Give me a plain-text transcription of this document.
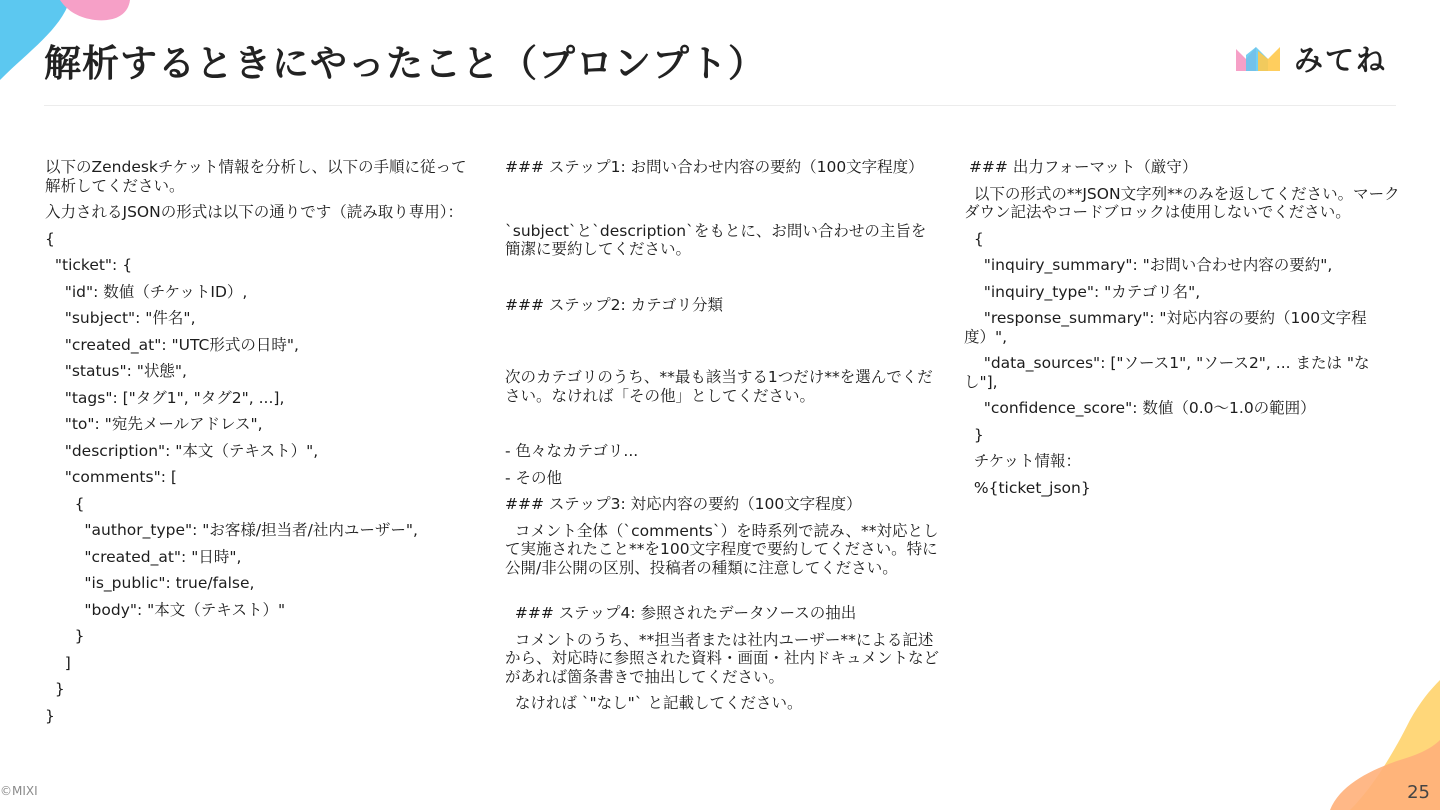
解析するときにやったこと（プロンプト）	みてね
以下のZendeskチケット情報を分析し、以下の手順に従って解析してください。
入力されるJSONの形式は以下の通りです（読み取り専用）：
{
"ticket": {
"id": 数値（チケットID）,
"subject": "件名",
"created_at": "UTC形式の日時",
"status": "状態",
"tags": ["タグ1", "タグ2", ...],
"to": "宛先メールアドレス",
"description": "本文（テキスト）",
"comments": [
{
"author_type": "お客様/担当者/社内ユーザー",
"created_at": "日時",
"is_public": true/false,
"body": "本文（テキスト）"
}
]
}
}
### ステップ1: お問い合わせ内容の要約（100文字程度）
`subject`と`description`をもとに、お問い合わせの主旨を簡潔に要約してください。
### ステップ2: カテゴリ分類
次のカテゴリのうち、**最も該当する1つだけ**を選んでください。なければ「その他」としてください。
- 色々なカテゴリ...
- その他
### ステップ3: 対応内容の要約（100文字程度）
コメント全体（`comments`）を時系列で読み、**対応として実施されたこと**を100文字程度で要約してください。特に公開/非公開の区別、投稿者の種類に注意してください。
### ステップ4: 参照されたデータソースの抽出
コメントのうち、**担当者または社内ユーザー**による記述から、対応時に参照された資料・画面・社内ドキュメントなどがあれば箇条書きで抽出してください。
なければ `"なし"` と記載してください。
### 出力フォーマット（厳守）
以下の形式の**JSON文字列**のみを返してください。マークダウン記法やコードブロックは使用しないでください。
{
"inquiry_summary": "お問い合わせ内容の要約",
"inquiry_type": "カテゴリ名",
"response_summary": "対応内容の要約（100文字程度）",
"data_sources": ["ソース1", "ソース2", ... または "なし"],
"confidence_score": 数値（0.0〜1.0の範囲）
}
チケット情報：
%{ticket_json}
©MIXI	25
